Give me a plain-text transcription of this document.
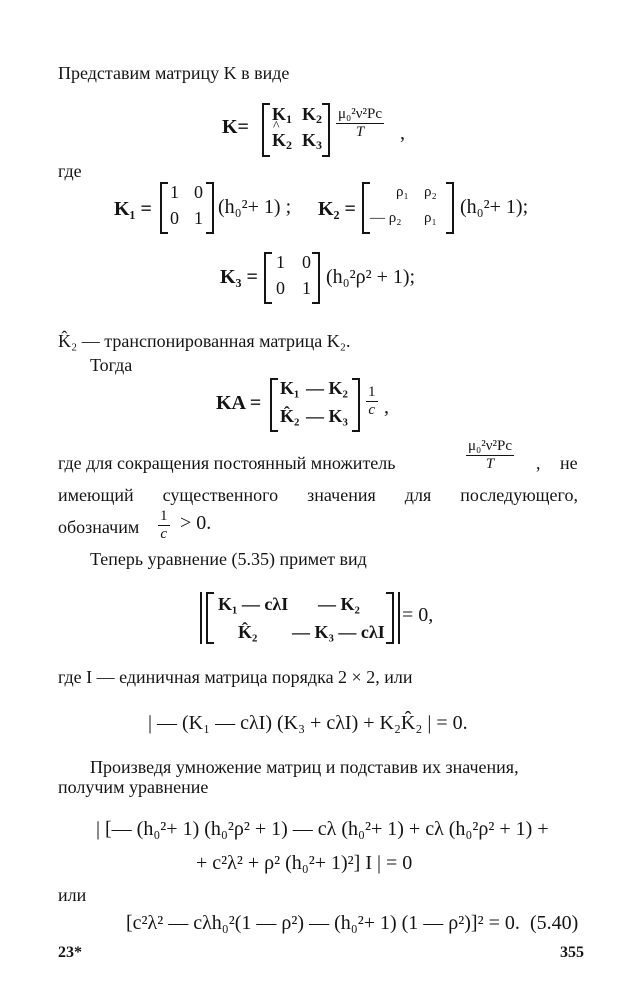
Представим матрицу K в виде
K=
$K_1$ $K_2$
^ $K_2$ $K_3$
$\frac{\text{μ₀²ν²Pc}}{T}$ ,
где
K₁ =
1 0
0 1 (h₀²+ 1) ; K₂ =
ρ₁ ρ₂
— ρ₂ ρ₁ (h₀²+ 1);
K₃ =
1 0
0 1 (h₀²ρ² + 1);
K̂₂ — транспонированная матрица K₂.
Тогда
KA =
K₁ — K₂
K̂₂ — $K_3 \frac{1}{c}$ ,
где для сокращения постоянный множитель	$\frac{\text{μ₀²ν²Pc}}{T}$ , не
имеющий существенного значения для последующего,
обозначим $\frac{1}{c} > 0$.
Теперь уравнение (5.35) примет вид
K₁ — cλI — K₂
K̂₂ — K₃ — cλI
= 0,
где I — единичная матрица порядка 2 × 2, или
| — (K₁ — cλI) (K₃ + cλI) + K₂K̂₂ | = 0.
Произведя умножение матриц и подставив их значения,
получим уравнение
| [— (h₀²+ 1) (h₀²ρ² + 1) — cλ (h₀²+ 1) + cλ (h₀²ρ² + 1) +
+ c²λ² + ρ² (h₀²+ 1)²] I | = 0
или
[c²λ² — cλh₀²(1 — ρ²) — (h₀²+ 1) (1 — ρ²)]² = 0. (5.40)
23*	355
